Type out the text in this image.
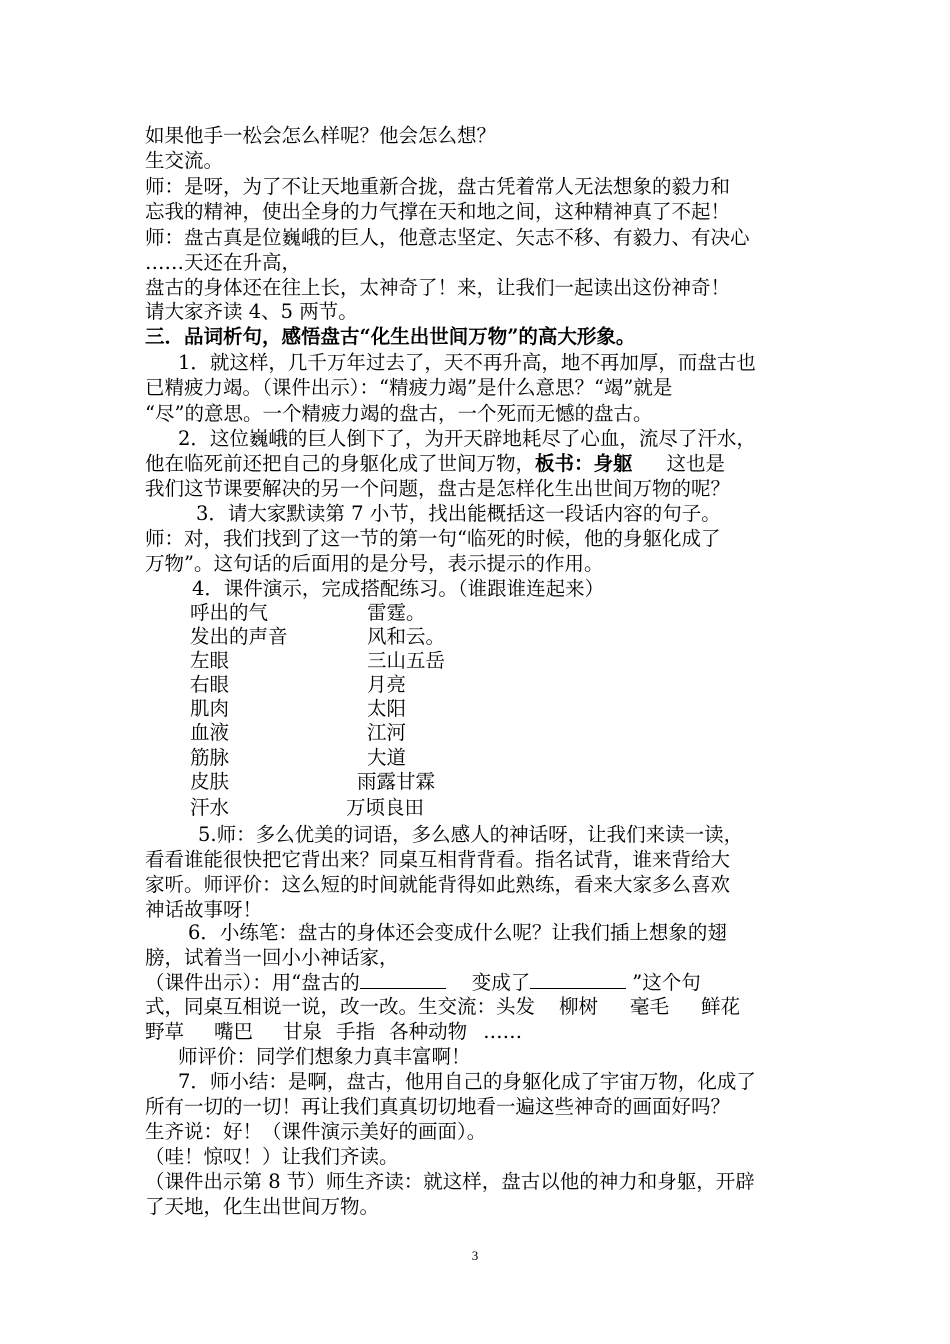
如果他手一松会怎么样呢？他会怎么想？
生交流。
师：是呀，为了不让天地重新合拢，盘古凭着常人无法想象的毅力和
忘我的精神，使出全身的力气撑在天和地之间，这种精神真了不起！
师：盘古真是位巍峨的巨人，他意志坚定、矢志不移、有毅力、有决心
……天还在升高，
盘古的身体还在往上长，太神奇了！来，让我们一起读出这份神奇！
请大家齐读 4、5 两节。
三．品词析句，感悟盘古“化生出世间万物”的高大形象。
1．就这样，几千万年过去了，天不再升高，地不再加厚，而盘古也
已精疲力竭。（课件出示）：“精疲力竭”是什么意思？“竭”就是
“尽”的意思。一个精疲力竭的盘古，一个死而无憾的盘古。
2．这位巍峨的巨人倒下了，为开天辟地耗尽了心血，流尽了汗水，
他在临死前还把自己的身躯化成了世间万物，板书：身躯 这也是
我们这节课要解决的另一个问题，盘古是怎样化生出世间万物的呢？
3．请大家默读第 7 小节，找出能概括这一段话内容的句子。
师：对，我们找到了这一节的第一句“临死的时候，他的身躯化成了
万物”。这句话的后面用的是分号，表示提示的作用。
4．课件演示，完成搭配练习。（谁跟谁连起来）
呼出的气	雷霆。
发出的声音	风和云。
左眼	三山五岳
右眼	月亮
肌肉	太阳
血液	江河
筋脉	大道
皮肤	雨露甘霖
汗水	万顷良田
5.师：多么优美的词语，多么感人的神话呀，让我们来读一读，
看看谁能很快把它背出来？同桌互相背背看。指名试背，谁来背给大
家听。师评价：这么短的时间就能背得如此熟练，看来大家多么喜欢
神话故事呀！
6．小练笔：盘古的身体还会变成什么呢？让我们插上想象的翅
膀，试着当一回小小神话家，
（课件出示）：用“盘古的	变成了	”这个句
式，同桌互相说一说，改一改。生交流：头发 柳树 毫毛 鲜花
野草 嘴巴 甘泉 手指 各种动物 ……
师评价：同学们想象力真丰富啊！
7．师小结：是啊，盘古，他用自己的身躯化成了宇宙万物，化成了
所有一切的一切！再让我们真真切切地看一遍这些神奇的画面好吗？
生齐说：好！（课件演示美好的画面）。
（哇！惊叹！）让我们齐读。
（课件出示第 8 节）师生齐读：就这样，盘古以他的神力和身躯，开辟
了天地，化生出世间万物。
3
